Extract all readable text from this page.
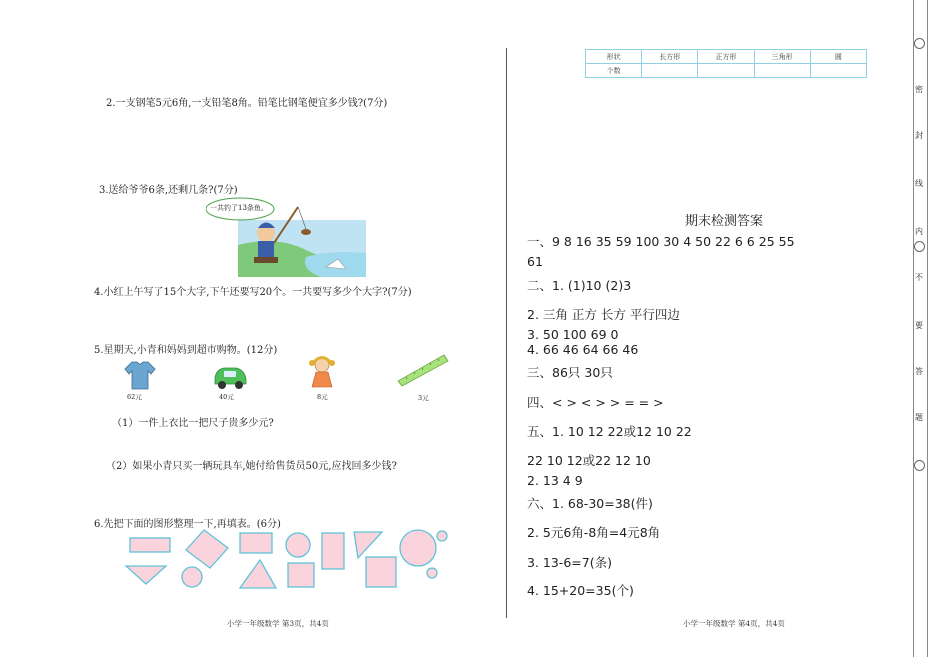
2.一支钢笔5元6角,一支铅笔8角。铅笔比钢笔便宜多少钱?(7分)
3.送给爷爷6条,还剩几条?(7分)
一共钓了13条鱼。
4.小红上午写了15个大字,下午还要写20个。一共要写多少个大字?(7分)
5.星期天,小青和妈妈到超市购物。(12分)
62元	40元	8元	3元
（1）一件上衣比一把尺子贵多少元?
（2）如果小青只买一辆玩具车,她付给售货员50元,应找回多少钱?
6.先把下面的图形整理一下,再填表。(6分)
小学一年级数学 第3页，共4页
形状	长方形	正方形	三角形	圆
个数				
期末检测答案
一、9 8 16 35 59 100 30 4 50 22 6 6 25 55
61
二、1. (1)10 (2)3
2. 三角 正方 长方 平行四边
3. 50 100 69 0
4. 66 46 64 66 46
三、86只 30只
四、< > < > > = = >
五、1. 10 12 22或12 10 22
22 10 12或22 12 10
2. 13 4 9
六、1. 68-30=38(件)
2. 5元6角-8角=4元8角
3. 13-6=7(条)
4. 15+20=35(个)
小学一年级数学 第4页，共4页
密
封
线
内
不
要
答
题
